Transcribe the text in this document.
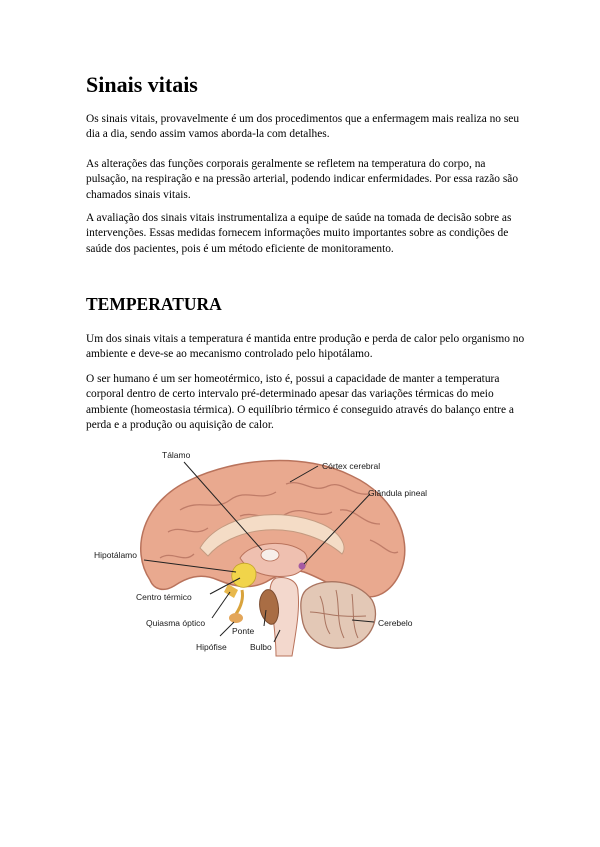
Sinais vitais

Os sinais vitais, provavelmente é um dos procedimentos que a enfermagem mais realiza no seu dia a dia, sendo assim vamos aborda-la com detalhes.

As alterações das funções corporais geralmente se refletem na temperatura do corpo, na pulsação, na respiração e na pressão arterial, podendo indicar enfermidades. Por essa razão são chamados sinais vitais.

A avaliação dos sinais vitais instrumentaliza a equipe de saúde na tomada de decisão sobre as intervenções. Essas medidas fornecem informações muito importantes sobre as condições de saúde dos pacientes, pois é um método eficiente de monitoramento.

TEMPERATURA

Um dos sinais vitais a temperatura é mantida entre produção e perda de calor pelo organismo no ambiente e deve-se ao mecanismo controlado pelo hipotálamo.

O ser humano é um ser homeotérmico, isto é, possui a capacidade de manter a temperatura corporal dentro de certo intervalo pré-determinado apesar das variações térmicas do meio ambiente (homeostasia térmica). O equilíbrio térmico é conseguido através do balanço entre a perda e a produção ou aquisição de calor.

Tálamo
Córtex cerebral
Glândula pineal
Hipotálamo
Centro térmico
Quiasma óptico
Ponte
Hipófise	Bulbo
Cerebelo
